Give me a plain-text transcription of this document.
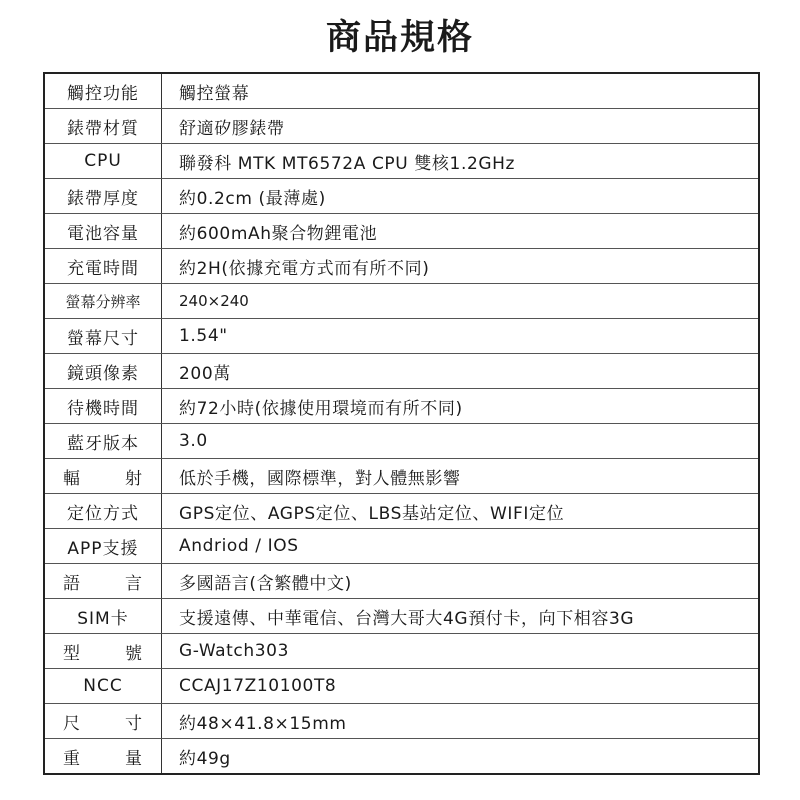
商品規格
觸控功能	觸控螢幕
錶帶材質	舒適矽膠錶帶
CPU	聯發科 MTK MT6572A CPU 雙核1.2GHz
錶帶厚度	約0.2cm (最薄處)
電池容量	約600mAh聚合物鋰電池
充電時間	約2H(依據充電方式而有所不同)
螢幕分辨率	240×240
螢幕尺寸	1.54"
鏡頭像素	200萬
待機時間	約72小時(依據使用環境而有所不同)
藍牙版本	3.0
輻射	低於手機，國際標準，對人體無影響
定位方式	GPS定位、AGPS定位、LBS基站定位、WIFI定位
APP支援	Andriod / IOS
語言	多國語言(含繁體中文)
SIM卡	支援遠傳、中華電信、台灣大哥大4G預付卡，向下相容3G
型號	G-Watch303
NCC	CCAJ17Z10100T8
尺寸	約48×41.8×15mm
重量	約49g
